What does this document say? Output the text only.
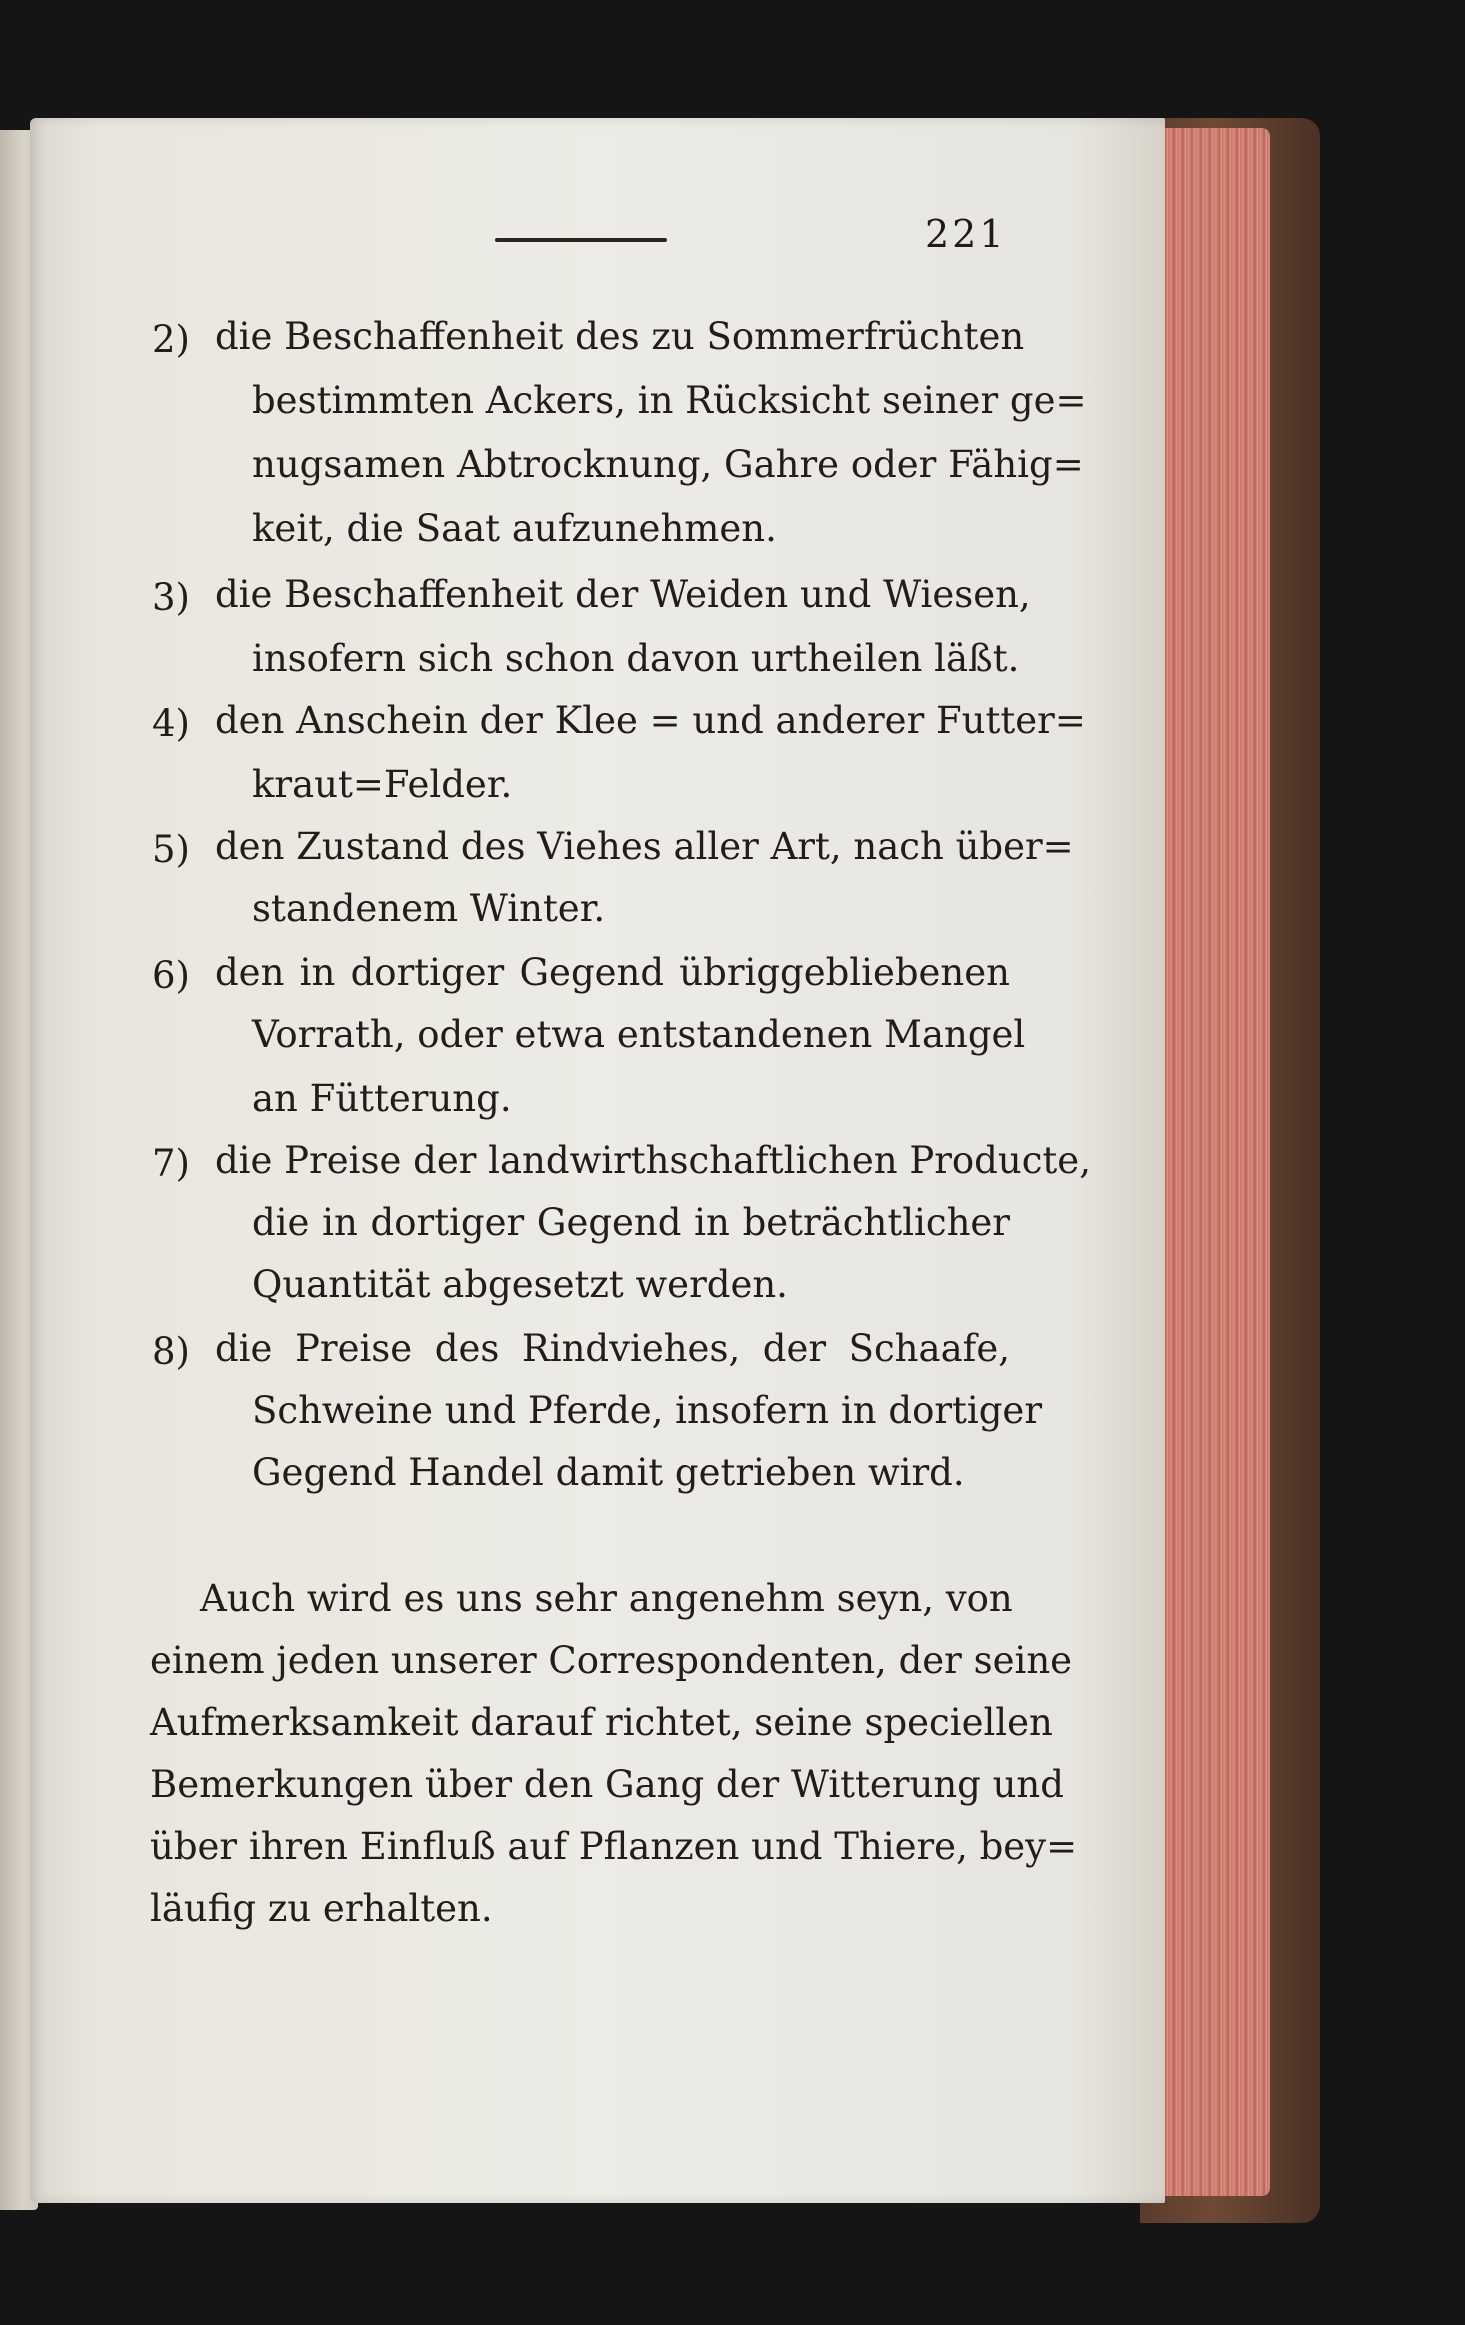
221
2) die Beschaffenheit des zu Sommerfrüchten

bestimmten Ackers, in Rücksicht seiner ge=

nugsamen Abtrocknung, Gahre oder Fähig=

keit, die Saat aufzunehmen.

3) die Beschaffenheit der Weiden und Wiesen,

insofern sich schon davon urtheilen läßt.

4) den Anschein der Klee = und anderer Futter=

kraut=Felder.

5) den Zustand des Viehes aller Art, nach über=

standenem Winter.

6) den in dortiger Gegend übriggebliebenen

Vorrath, oder etwa entstandenen Mangel

an Fütterung.

7) die Preise der landwirthschaftlichen Producte,

die in dortiger Gegend in beträchtlicher

Quantität abgesetzt werden.

8) die Preise des Rindviehes, der Schaafe,

Schweine und Pferde, insofern in dortiger

Gegend Handel damit getrieben wird.

Auch wird es uns sehr angenehm seyn, von

einem jeden unserer Correspondenten, der seine

Aufmerksamkeit darauf richtet, seine speciellen

Bemerkungen über den Gang der Witterung und

über ihren Einfluß auf Pflanzen und Thiere, bey=

läufig zu erhalten.
